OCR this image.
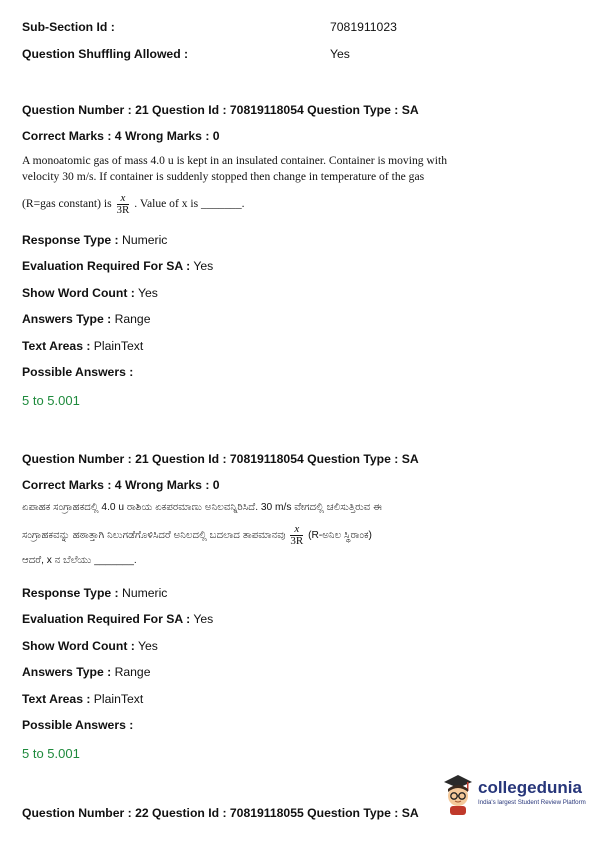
Sub-Section Id :	7081911023
Question Shuffling Allowed :	Yes
Question Number : 21 Question Id : 70819118054 Question Type : SA
Correct Marks : 4 Wrong Marks : 0
A monoatomic gas of mass 4.0 u is kept in an insulated container. Container is moving with
velocity 30 m/s. If container is suddenly stopped then change in temperature of the gas
(R=gas constant) is $\frac{x}{3R}$ . Value of x is _______.
Response Type : Numeric
Evaluation Required For SA : Yes
Show Word Count : Yes
Answers Type : Range
Text Areas : PlainText
Possible Answers :
5 to 5.001
Question Number : 21 Question Id : 70819118054 Question Type : SA
Correct Marks : 4 Wrong Marks : 0
ಏಪಾಹಕ ಸಂಗ್ರಾಹಕದಲ್ಲಿ 4.0 u ರಾಶಿಯ ಏಕಪರಮಾಣು ಅನಿಲವನ್ನಿರಿಸಿದೆ. 30 m/s ವೇಗದಲ್ಲಿ ಚಲಿಸುತ್ತಿರುವ ಈ
ಸಂಗ್ರಾಹಕವನ್ನು ಹಠಾತ್ತಾಗಿ ನಿಲುಗಡೆಗೊಳಿಸಿದರೆ ಅನಿಲದಲ್ಲಿ ಬದಲಾದ ತಾಪಮಾನವು $\frac{x}{3R}$ (R-ಅನಿಲ ಸ್ಥಿರಾಂಕ)
ಆದರೆ, x ನ ಬೆಲೆಯು _______.
Response Type : Numeric
Evaluation Required For SA : Yes
Show Word Count : Yes
Answers Type : Range
Text Areas : PlainText
Possible Answers :
5 to 5.001
collegedunia
India's largest Student Review Platform
Question Number : 22 Question Id : 70819118055 Question Type : SA
